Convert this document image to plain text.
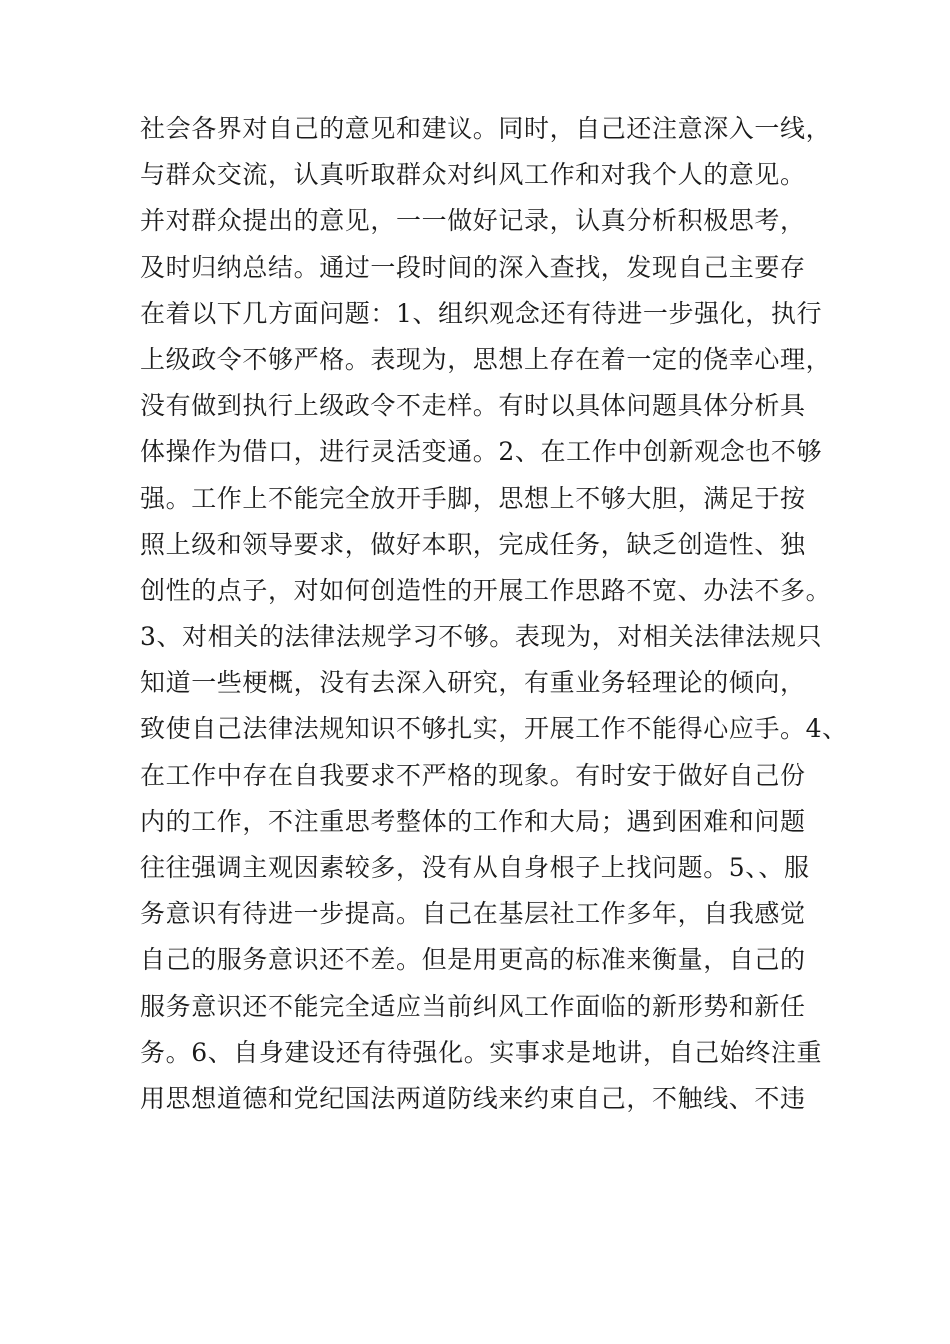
社会各界对自己的意见和建议。同时，自己还注意深入一线，
与群众交流，认真听取群众对纠风工作和对我个人的意见。
并对群众提出的意见，一一做好记录，认真分析积极思考，
及时归纳总结。通过一段时间的深入查找，发现自己主要存
在着以下几方面问题：1、组织观念还有待进一步强化，执行
上级政令不够严格。表现为，思想上存在着一定的侥幸心理，
没有做到执行上级政令不走样。有时以具体问题具体分析具
体操作为借口，进行灵活变通。2、在工作中创新观念也不够
强。工作上不能完全放开手脚，思想上不够大胆，满足于按
照上级和领导要求，做好本职，完成任务，缺乏创造性、独
创性的点子，对如何创造性的开展工作思路不宽、办法不多。
3、对相关的法律法规学习不够。表现为，对相关法律法规只
知道一些梗概，没有去深入研究，有重业务轻理论的倾向，
致使自己法律法规知识不够扎实，开展工作不能得心应手。4、
在工作中存在自我要求不严格的现象。有时安于做好自己份
内的工作，不注重思考整体的工作和大局；遇到困难和问题
往往强调主观因素较多，没有从自身根子上找问题。5、、服
务意识有待进一步提高。自己在基层社工作多年，自我感觉
自己的服务意识还不差。但是用更高的标准来衡量，自己的
服务意识还不能完全适应当前纠风工作面临的新形势和新任
务。6、自身建设还有待强化。实事求是地讲，自己始终注重
用思想道德和党纪国法两道防线来约束自己，不触线、不违
